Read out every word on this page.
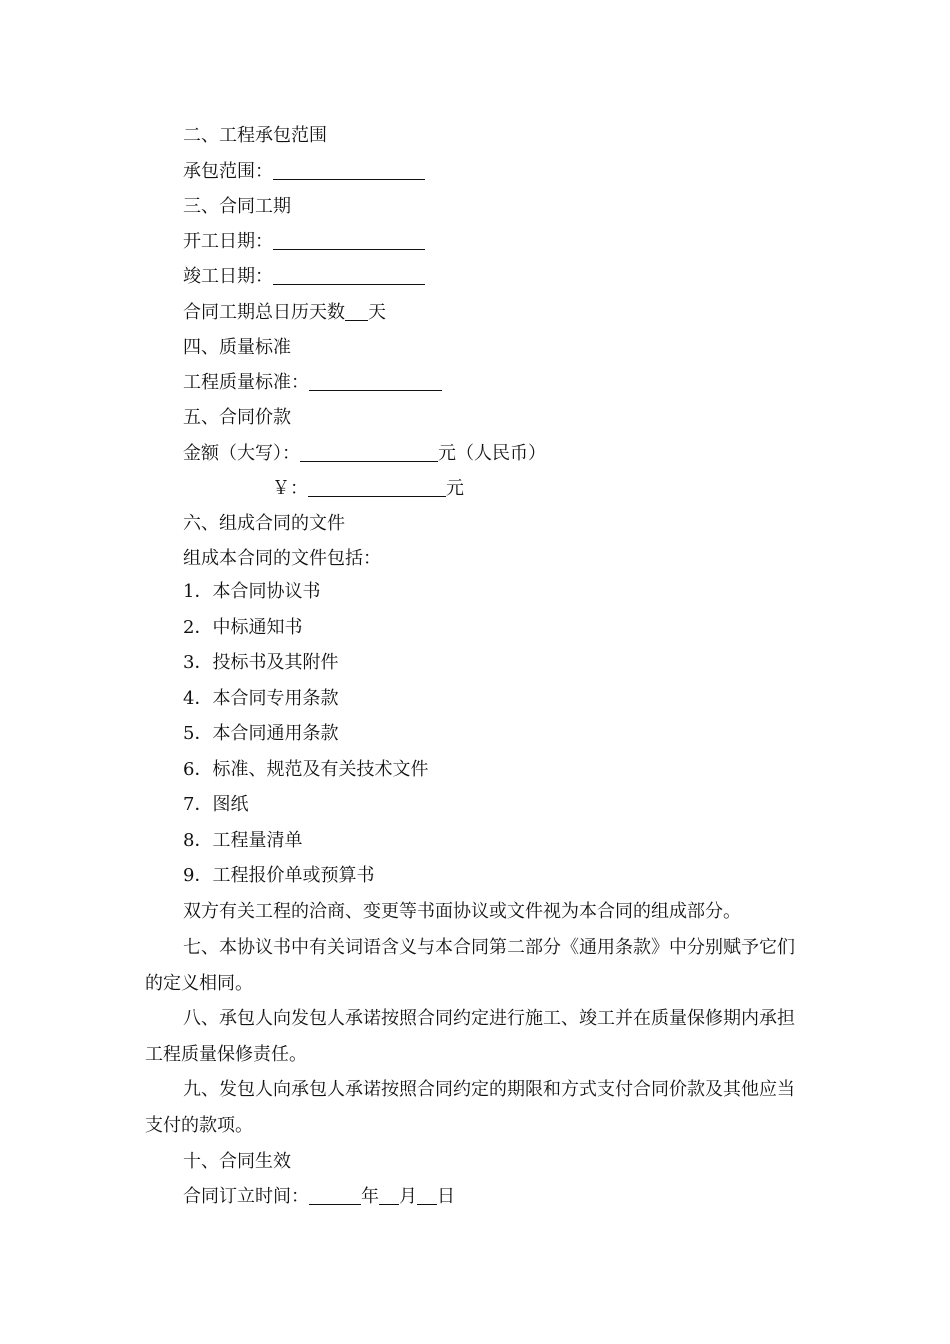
二、工程承包范围
承包范围：
三、合同工期
开工日期：
竣工日期：
合同工期总日历天数 天
四、质量标准
工程质量标准：
五、合同价款
金额（大写）：	元（人民币）
￥：	元
六、组成合同的文件
组成本合同的文件包括：
1．本合同协议书
2．中标通知书
3．投标书及其附件
4．本合同专用条款
5．本合同通用条款
6．标准、规范及有关技术文件
7．图纸
8．工程量清单
9．工程报价单或预算书
双方有关工程的洽商、变更等书面协议或文件视为本合同的组成部分。
七、本协议书中有关词语含义与本合同第二部分《通用条款》中分别赋予它们的定义相同。
八、承包人向发包人承诺按照合同约定进行施工、竣工并在质量保修期内承担工程质量保修责任。
九、发包人向承包人承诺按照合同约定的期限和方式支付合同价款及其他应当支付的款项。
十、合同生效
合同订立时间：	年 月 日
